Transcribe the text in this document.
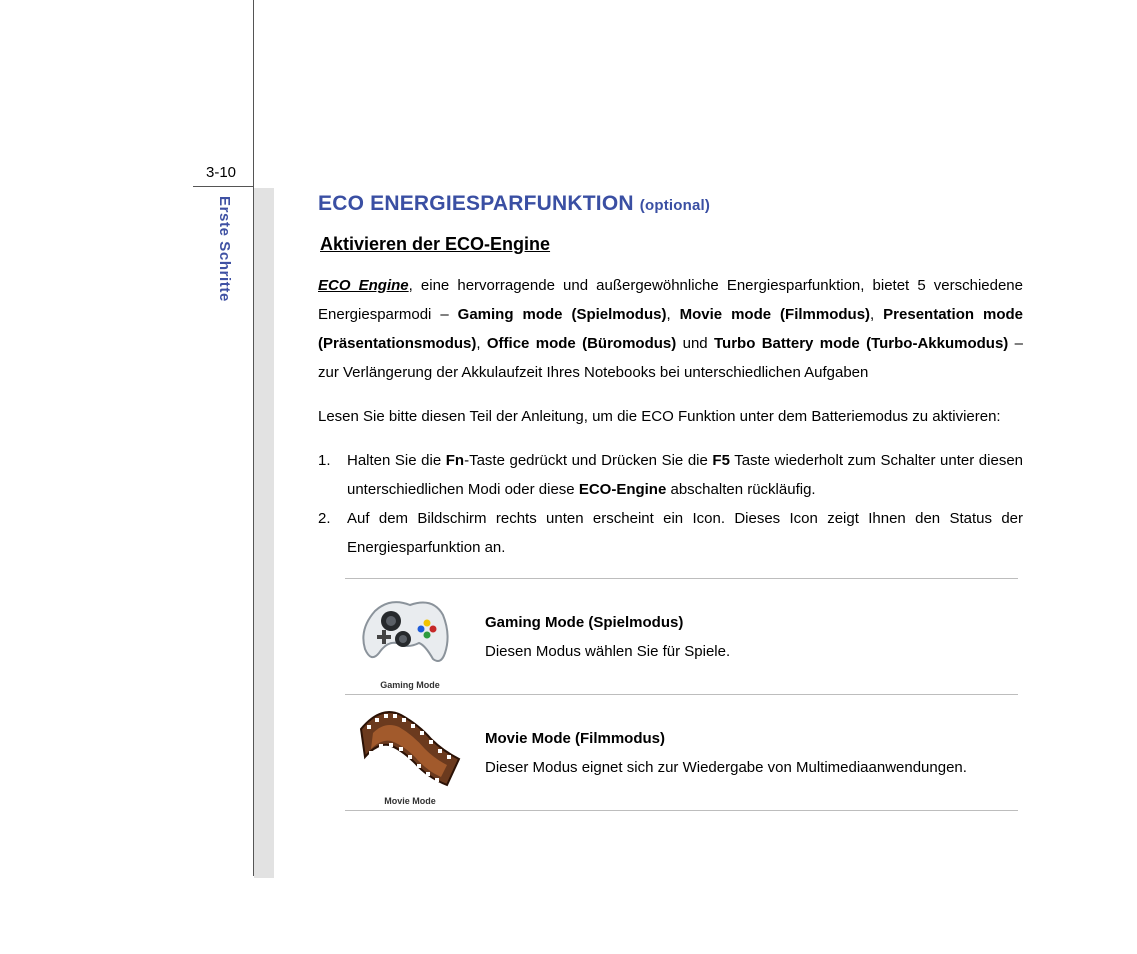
3-10
Erste Schritte	ECO ENERGIESPARFUNKTION (optional)
Aktivieren der ECO-Engine

ECO Engine, eine hervorragende und außergewöhnliche Energiesparfunktion, bietet 5 verschiedene Energiesparmodi – Gaming mode (Spielmodus), Movie mode (Filmmodus), Presentation mode (Präsentationsmodus), Office mode (Büromodus) und Turbo Battery mode (Turbo-Akkumodus) – zur Verlängerung der Akkulaufzeit Ihres Notebooks bei unterschiedlichen Aufgaben

Lesen Sie bitte diesen Teil der Anleitung, um die ECO Funktion unter dem Batteriemodus zu aktivieren:

1. Halten Sie die Fn-Taste gedrückt und Drücken Sie die F5 Taste wiederholt zum Schalter unter diesen unterschiedlichen Modi oder diese ECO-Engine abschalten rückläufig.
2. Auf dem Bildschirm rechts unten erscheint ein Icon. Dieses Icon zeigt Ihnen den Status der Energiesparfunktion an.
Gaming Mode
Gaming Mode (Spielmodus)
Diesen Modus wählen Sie für Spiele.
Movie Mode
Movie Mode (Filmmodus)
Dieser Modus eignet sich zur Wiedergabe von Multimediaanwendungen.
